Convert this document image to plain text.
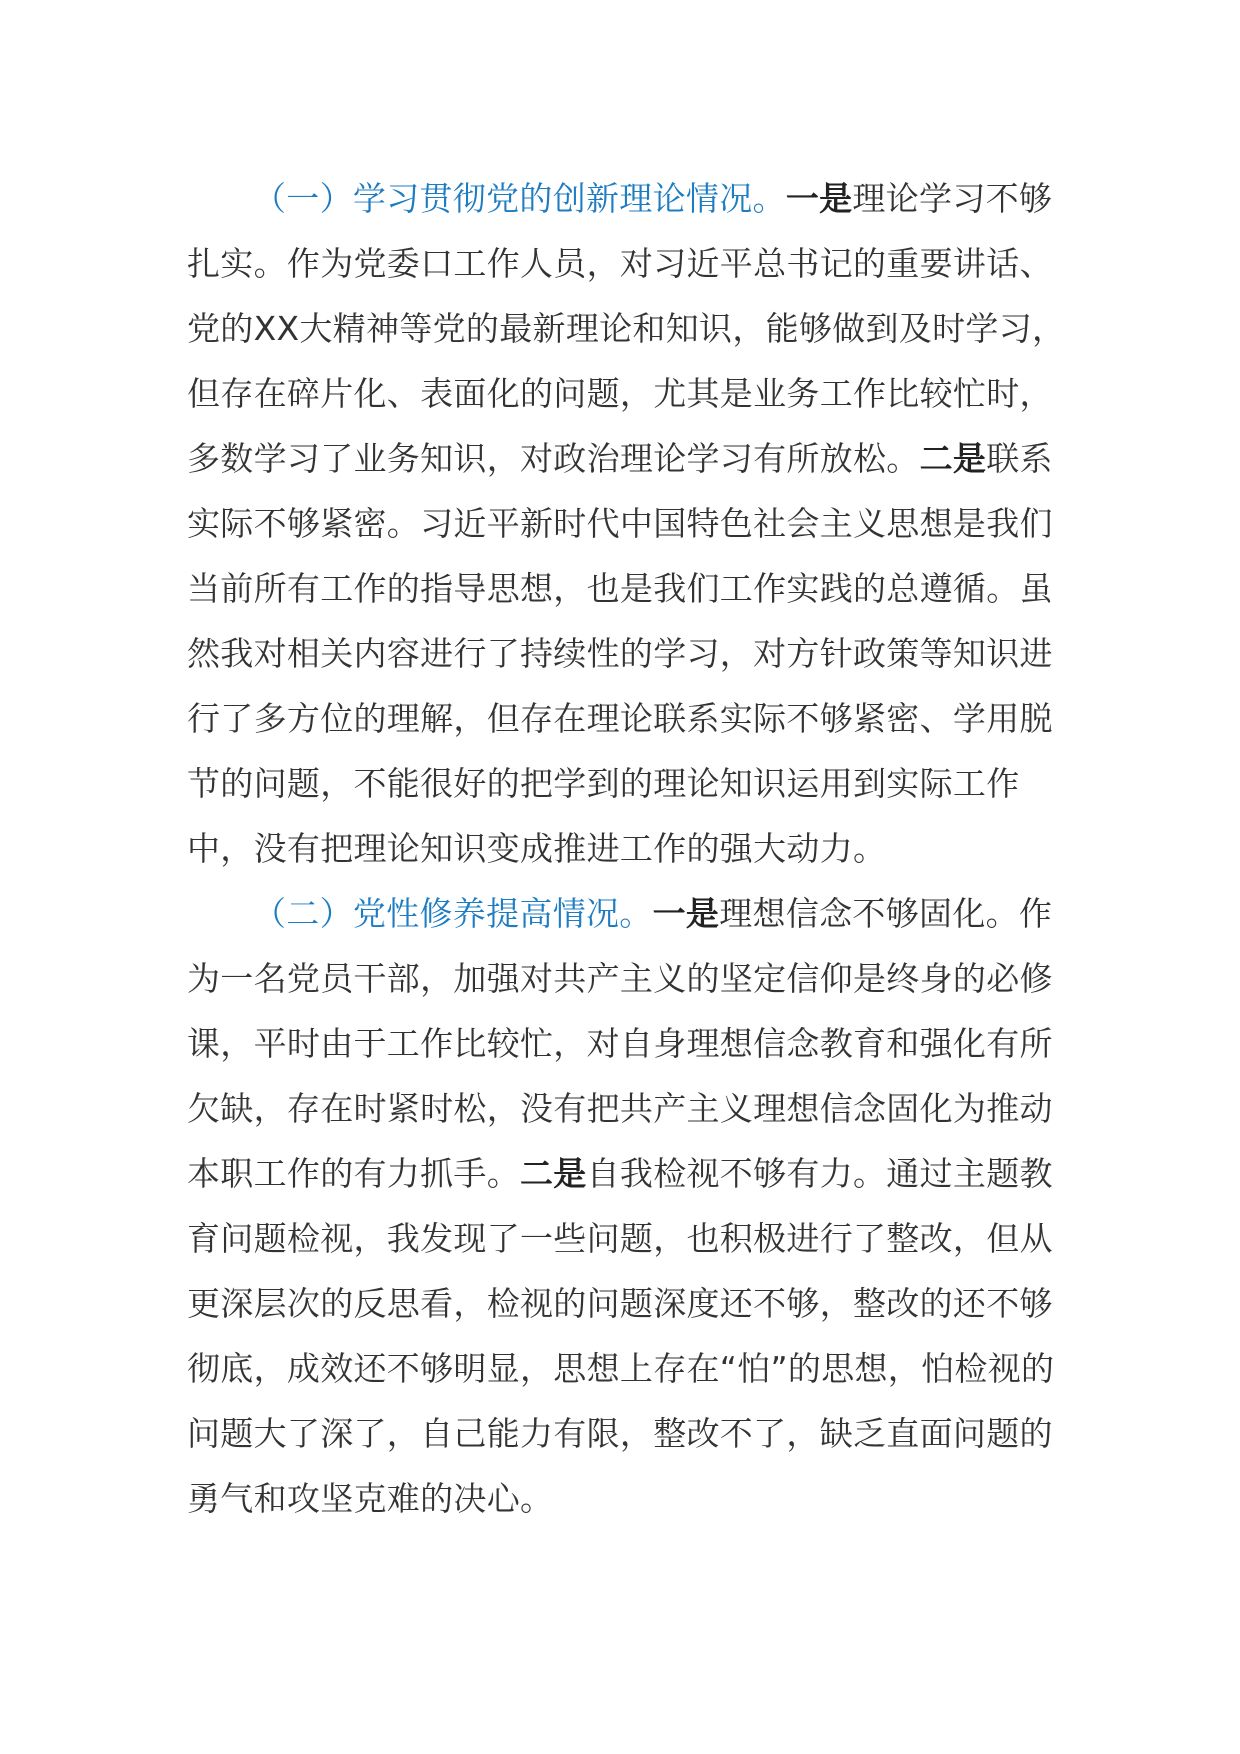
（一）学习贯彻党的创新理论情况。一是理论学习不够扎实。作为党委口工作人员，对习近平总书记的重要讲话、党的XX大精神等党的最新理论和知识，能够做到及时学习，但存在碎片化、表面化的问题，尤其是业务工作比较忙时，多数学习了业务知识，对政治理论学习有所放松。二是联系实际不够紧密。习近平新时代中国特色社会主义思想是我们当前所有工作的指导思想，也是我们工作实践的总遵循。虽然我对相关内容进行了持续性的学习，对方针政策等知识进行了多方位的理解，但存在理论联系实际不够紧密、学用脱节的问题，不能很好的把学到的理论知识运用到实际工作中，没有把理论知识变成推进工作的强大动力。

（二）党性修养提高情况。一是理想信念不够固化。作为一名党员干部，加强对共产主义的坚定信仰是终身的必修课，平时由于工作比较忙，对自身理想信念教育和强化有所欠缺，存在时紧时松，没有把共产主义理想信念固化为推动本职工作的有力抓手。二是自我检视不够有力。通过主题教育问题检视，我发现了一些问题，也积极进行了整改，但从更深层次的反思看，检视的问题深度还不够，整改的还不够彻底，成效还不够明显，思想上存在“怕”的思想，怕检视的问题大了深了，自己能力有限，整改不了，缺乏直面问题的勇气和攻坚克难的决心。
